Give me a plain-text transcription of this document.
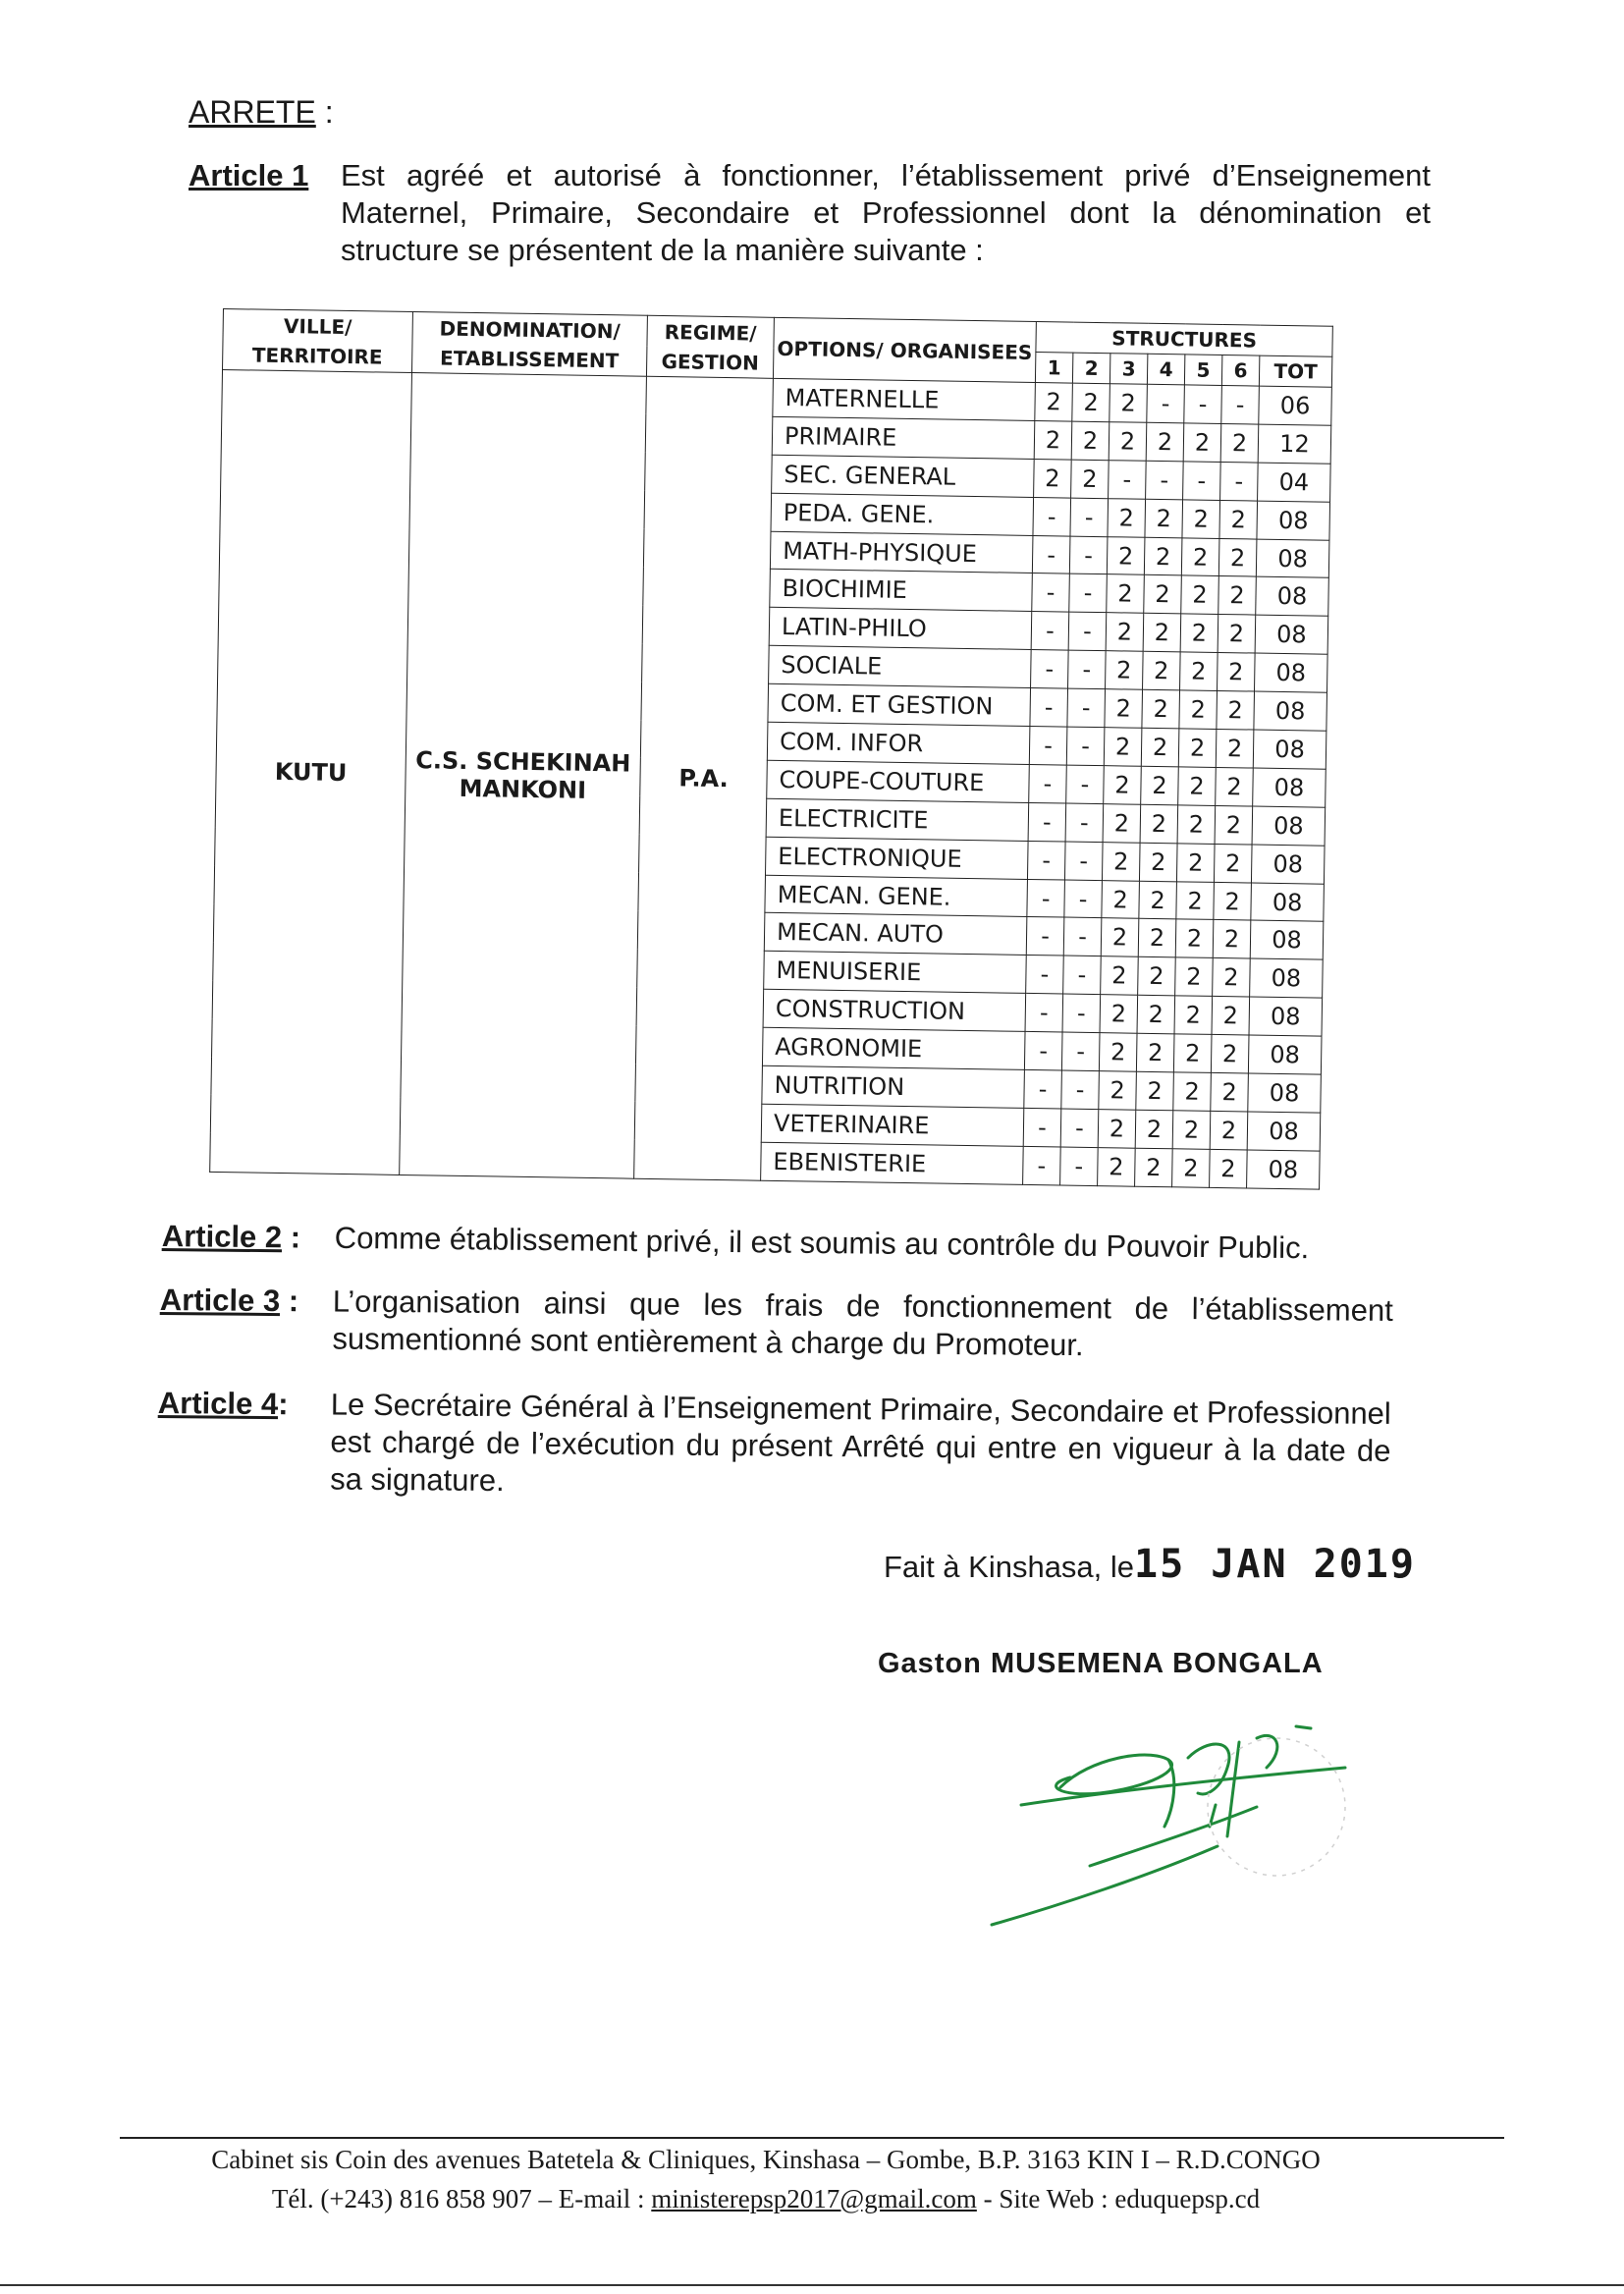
ARRETE :
Article 1 Est agréé et autorisé à fonctionner, l’établissement privé d’Enseignement Maternel, Primaire, Secondaire et Professionnel dont la dénomination et structure se présentent de la manière suivante :
VILLE/ TERRITOIRE	DENOMINATION/ ETABLISSEMENT	REGIME/ GESTION	OPTIONS/ ORGANISEES	STRUCTURES						
				1	2	3	4	5	6	TOT
KUTU	C.S. SCHEKINAH MANKONI	P.A.	MATERNELLE	2	2	2	-	-	-	06
			PRIMAIRE	2	2	2	2	2	2	12
			SEC. GENERAL	2	2	-	-	-	-	04
			PEDA. GENE.	-	-	2	2	2	2	08
			MATH-PHYSIQUE	-	-	2	2	2	2	08
			BIOCHIMIE	-	-	2	2	2	2	08
			LATIN-PHILO	-	-	2	2	2	2	08
			SOCIALE	-	-	2	2	2	2	08
			COM. ET GESTION	-	-	2	2	2	2	08
			COM. INFOR	-	-	2	2	2	2	08
			COUPE-COUTURE	-	-	2	2	2	2	08
			ELECTRICITE	-	-	2	2	2	2	08
			ELECTRONIQUE	-	-	2	2	2	2	08
			MECAN. GENE.	-	-	2	2	2	2	08
			MECAN. AUTO	-	-	2	2	2	2	08
			MENUISERIE	-	-	2	2	2	2	08
			CONSTRUCTION	-	-	2	2	2	2	08
			AGRONOMIE	-	-	2	2	2	2	08
			NUTRITION	-	-	2	2	2	2	08
			VETERINAIRE	-	-	2	2	2	2	08
			EBENISTERIE	-	-	2	2	2	2	08
Article 2 : Comme établissement privé, il est soumis au contrôle du Pouvoir Public.
Article 3 : L’organisation ainsi que les frais de fonctionnement de l’établissement susmentionné sont entièrement à charge du Promoteur.
Article 4: Le Secrétaire Général à l’Enseignement Primaire, Secondaire et Professionnel est chargé de l’exécution du présent Arrêté qui entre en vigueur à la date de sa signature.
Fait à Kinshasa, le15 JAN 2019
Gaston MUSEMENA BONGALA
Cabinet sis Coin des avenues Batetela & Cliniques, Kinshasa – Gombe, B.P. 3163 KIN I – R.D.CONGO
Tél. (+243) 816 858 907 – E-mail : ministerepsp2017@gmail.com - Site Web : eduquepsp.cd
